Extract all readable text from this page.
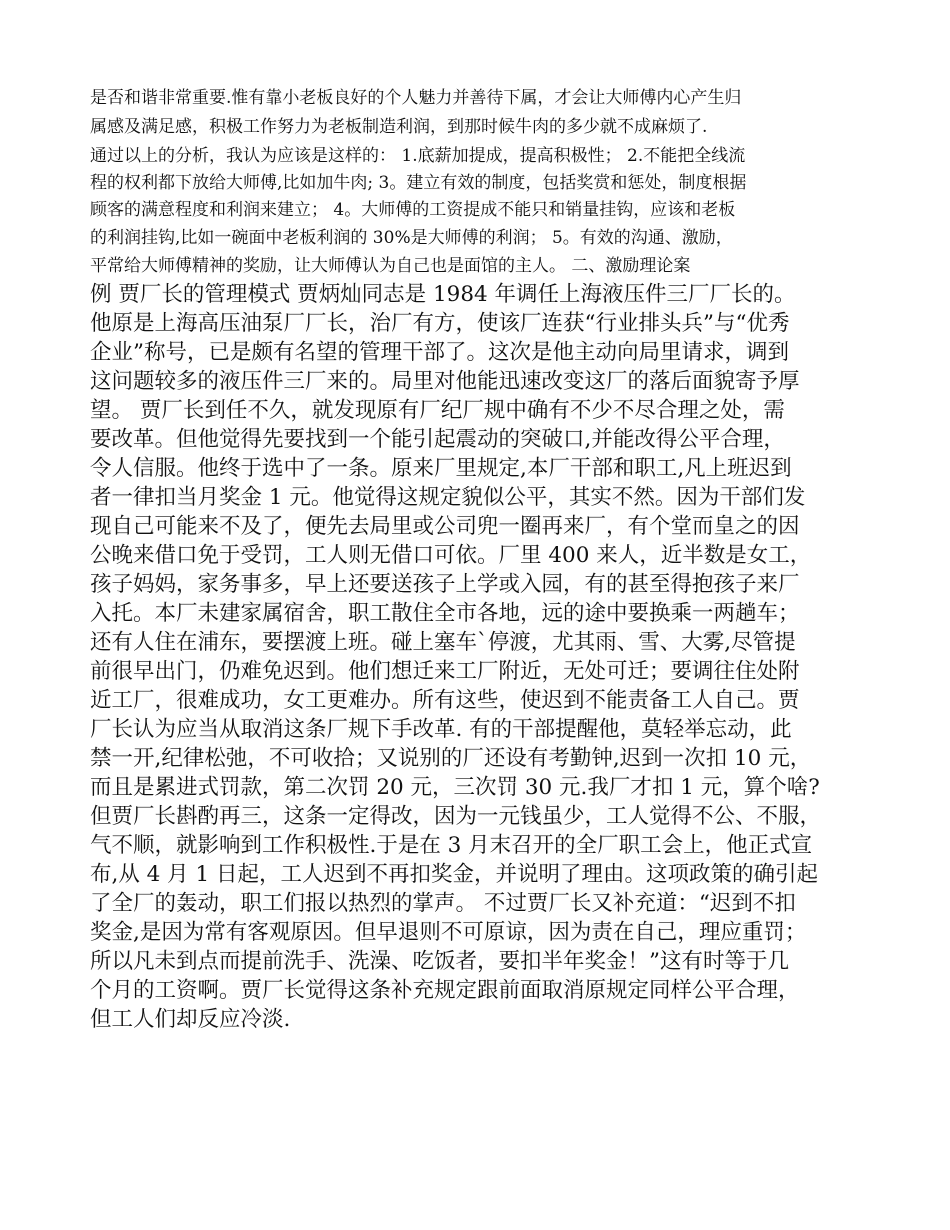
是否和谐非常重要.惟有靠小老板良好的个人魅力并善待下属，才会让大师傅内心产生归
属感及满足感，积极工作努力为老板制造利润，到那时候牛肉的多少就不成麻烦了.
通过以上的分析，我认为应该是这样的： 1.底薪加提成，提高积极性； 2.不能把全线流
程的权利都下放给大师傅,比如加牛肉; 3。建立有效的制度，包括奖赏和惩处，制度根据
顾客的满意程度和利润来建立； 4。大师傅的工资提成不能只和销量挂钩，应该和老板
的利润挂钩,比如一碗面中老板利润的 30%是大师傅的利润； 5。有效的沟通、激励，
平常给大师傅精神的奖励，让大师傅认为自己也是面馆的主人。 二、激励理论案
例 贾厂长的管理模式 贾炳灿同志是 1984 年调任上海液压件三厂厂长的。
他原是上海高压油泵厂厂长，治厂有方，使该厂连获“行业排头兵”与“优秀
企业”称号，已是颇有名望的管理干部了。这次是他主动向局里请求，调到
这问题较多的液压件三厂来的。局里对他能迅速改变这厂的落后面貌寄予厚
望。 贾厂长到任不久，就发现原有厂纪厂规中确有不少不尽合理之处，需
要改革。但他觉得先要找到一个能引起震动的突破口,并能改得公平合理，
令人信服。他终于选中了一条。原来厂里规定,本厂干部和职工,凡上班迟到
者一律扣当月奖金 1 元。他觉得这规定貌似公平，其实不然。因为干部们发
现自己可能来不及了，便先去局里或公司兜一圈再来厂，有个堂而皇之的因
公晚来借口免于受罚，工人则无借口可依。厂里 400 来人，近半数是女工，
孩子妈妈，家务事多，早上还要送孩子上学或入园，有的甚至得抱孩子来厂
入托。本厂未建家属宿舍，职工散住全市各地，远的途中要换乘一两趟车；
还有人住在浦东，要摆渡上班。碰上塞车`停渡，尤其雨、雪、大雾,尽管提
前很早出门，仍难免迟到。他们想迁来工厂附近，无处可迁；要调往住处附
近工厂，很难成功，女工更难办。所有这些，使迟到不能责备工人自己。贾
厂长认为应当从取消这条厂规下手改革. 有的干部提醒他，莫轻举忘动，此
禁一开,纪律松弛，不可收拾；又说别的厂还设有考勤钟,迟到一次扣 10 元，
而且是累进式罚款，第二次罚 20 元，三次罚 30 元.我厂才扣 1 元，算个啥?
但贾厂长斟酌再三，这条一定得改，因为一元钱虽少，工人觉得不公、不服，
气不顺，就影响到工作积极性.于是在 3 月末召开的全厂职工会上，他正式宣
布,从 4 月 1 日起，工人迟到不再扣奖金，并说明了理由。这项政策的确引起
了全厂的轰动，职工们报以热烈的掌声。 不过贾厂长又补充道：“迟到不扣
奖金,是因为常有客观原因。但早退则不可原谅，因为责在自己，理应重罚；
所以凡未到点而提前洗手、洗澡、吃饭者，要扣半年奖金！”这有时等于几
个月的工资啊。贾厂长觉得这条补充规定跟前面取消原规定同样公平合理，
但工人们却反应冷淡.
